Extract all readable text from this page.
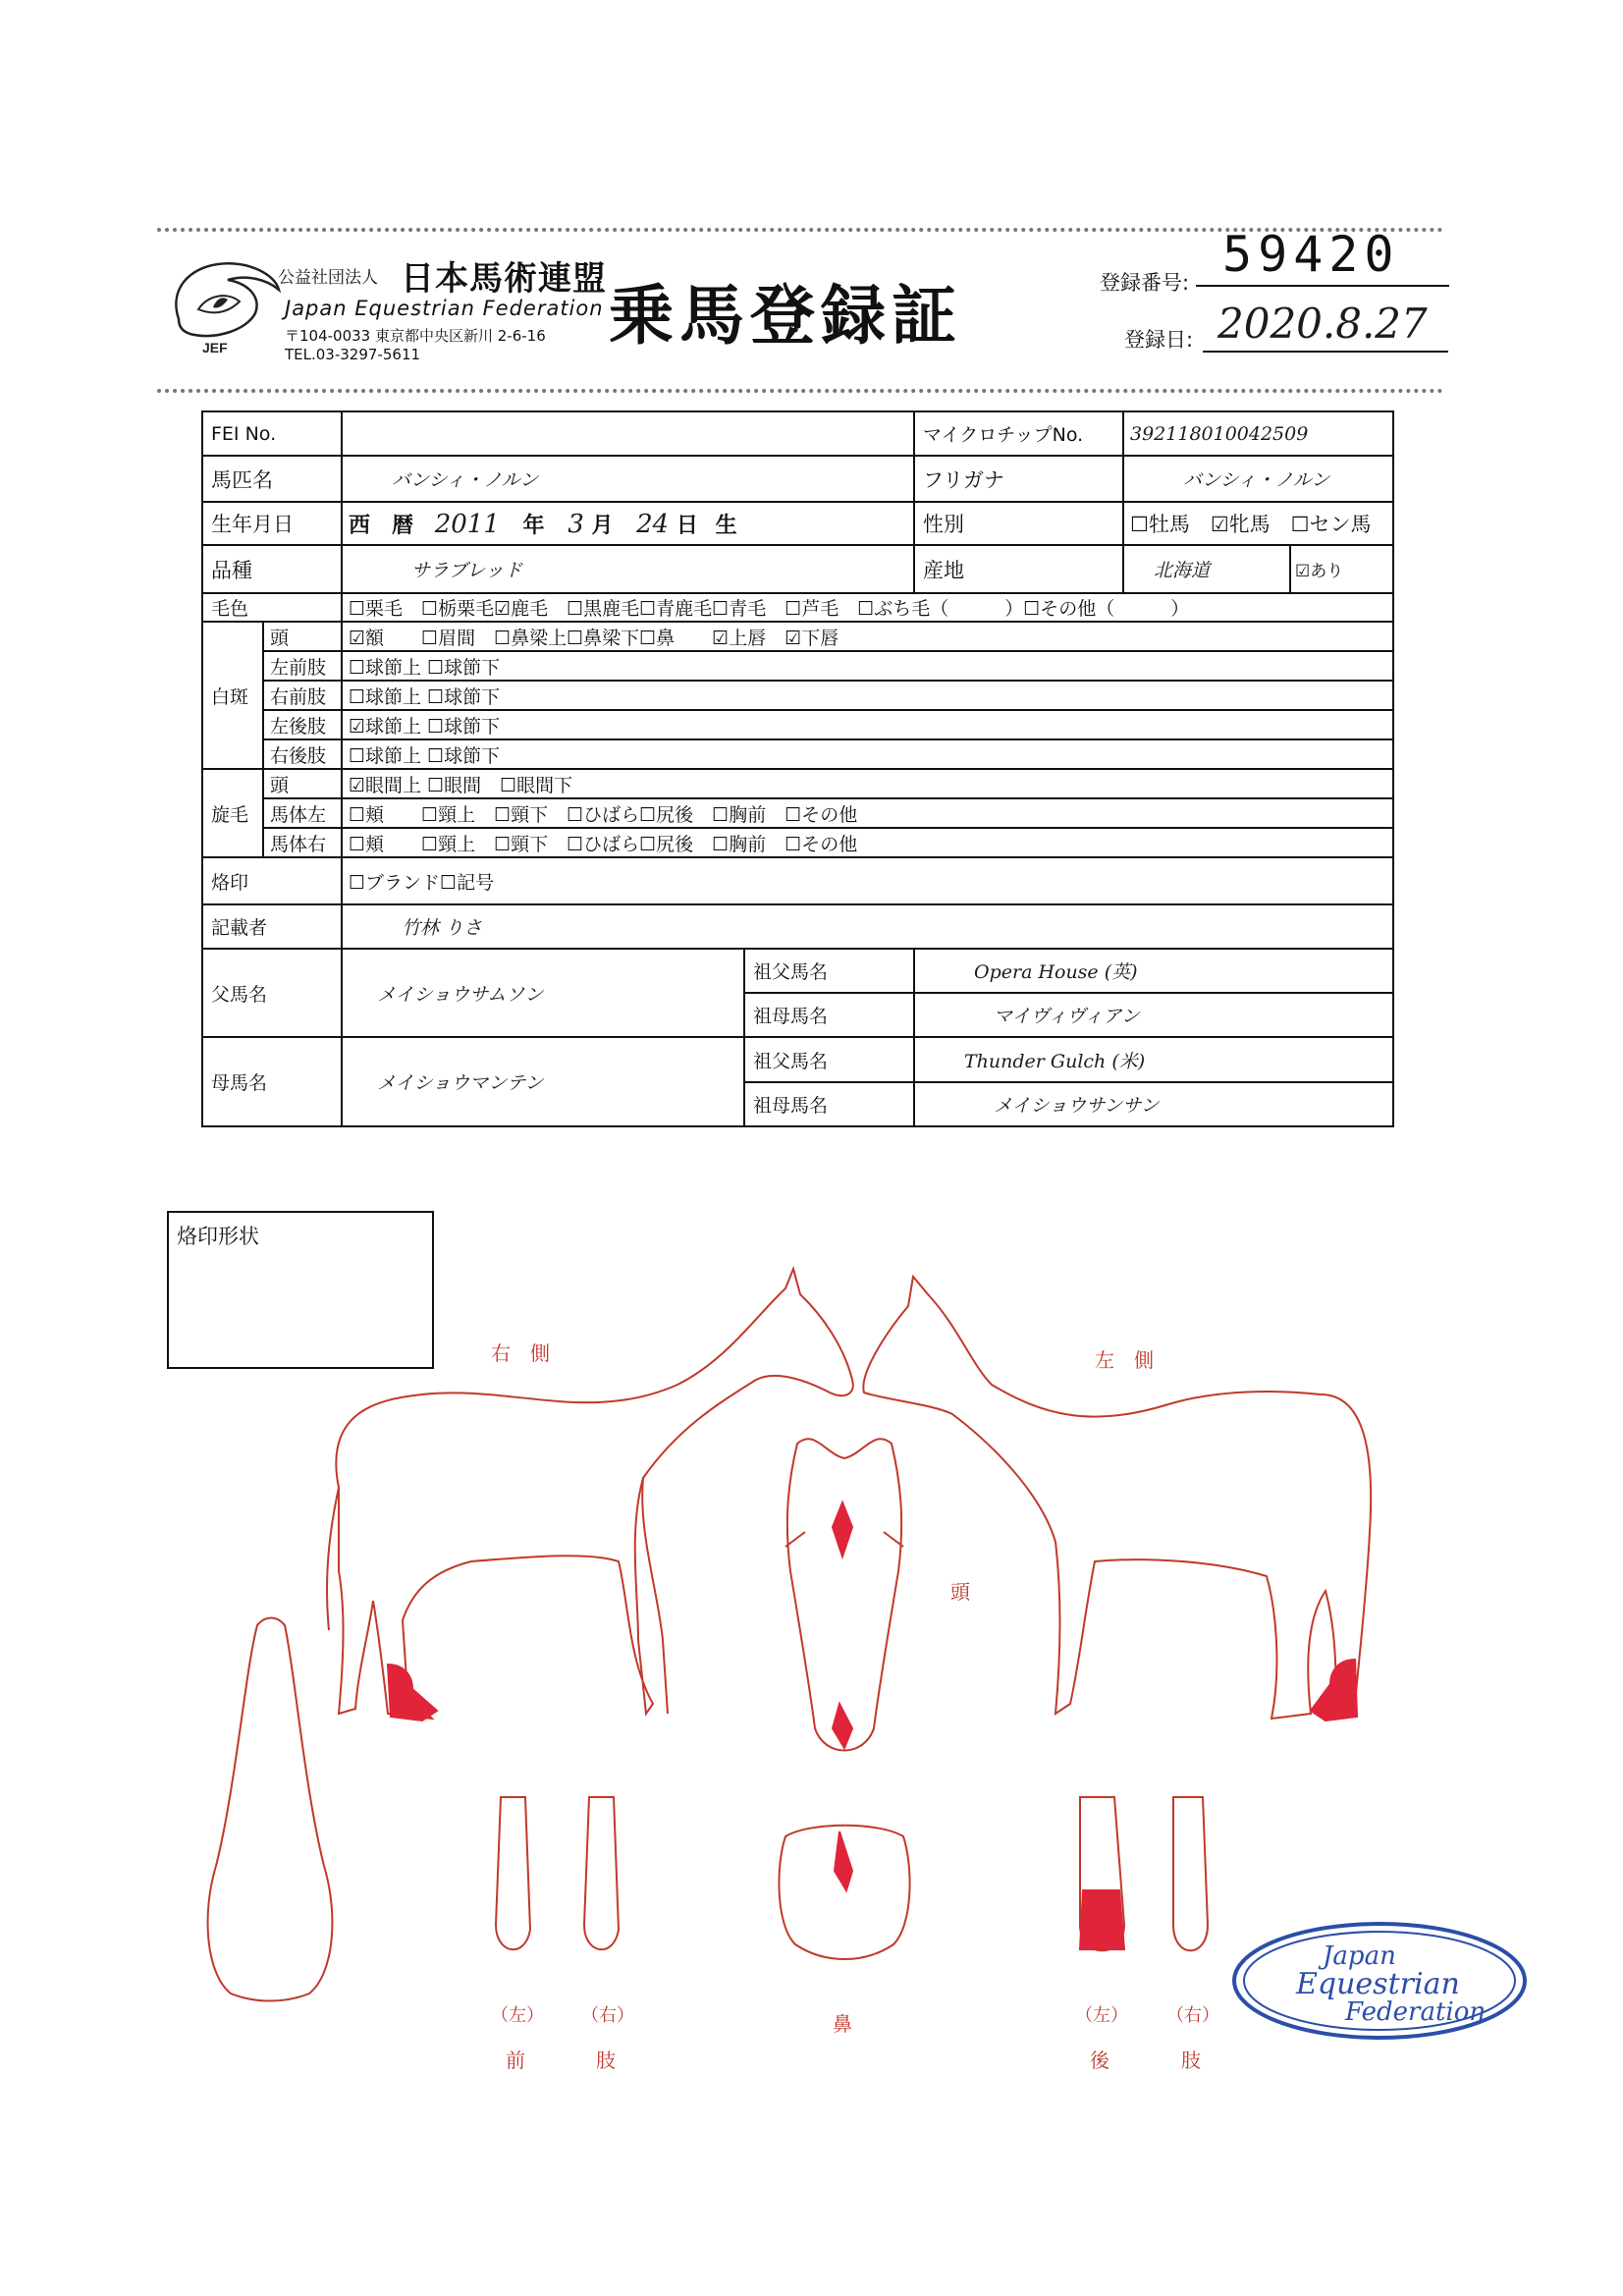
JEF
公益社団法人 日本馬術連盟
Japan Equestrian Federation
〒104-0033 東京都中央区新川 2-6-16
TEL.03-3297-5611
乗馬登録証	登録番号: 59420
登録日: 2020.8.27
FEI No.				マイクロチップNo.	392118010042509	
馬匹名		バンシィ・ノルン		フリガナ	バンシィ・ノルン	
生年月日		西　暦 2011 年 3 月 24 日 生		性別	☐牡馬　☑牝馬　☐セン馬	
品種		サラブレッド		産地	北海道	☑あり

毛色		☐栗毛　☐栃栗毛☑鹿毛　☐黒鹿毛☐青鹿毛☐青毛　☐芦毛　☐ぶち毛（　　　）☐その他（　　　）				
白斑	頭	☑額　　☐眉間　☐鼻梁上☐鼻梁下☐鼻　　☑上唇　☑下唇				
	左前肢	☐球節上 ☐球節下				
	右前肢	☐球節上 ☐球節下				
	左後肢	☑球節上 ☐球節下				
	右後肢	☐球節上 ☐球節下				
旋毛	頭	☑眼間上 ☐眼間　☐眼間下				
	馬体左	☐頬　　☐頸上　☐頸下　☐ひばら☐尻後　☐胸前　☐その他				
	馬体右	☐頬　　☐頸上　☐頸下　☐ひばら☐尻後　☐胸前　☐その他				
烙印		☐ブランド☐記号				
記載者		竹林 りさ				
父馬名		メイショウサムソン	祖父馬名	Opera House (英)		
			祖母馬名	マイヴィヴィアン		
母馬名		メイショウマンテン	祖父馬名	Thunder Gulch (米)		
			祖母馬名	メイショウサンサン		
烙印形状
右　側	左　側
頭
鼻
（左） （右）
前	肢
（左） （右）
後	肢
Japan
Equestrian
Federation
